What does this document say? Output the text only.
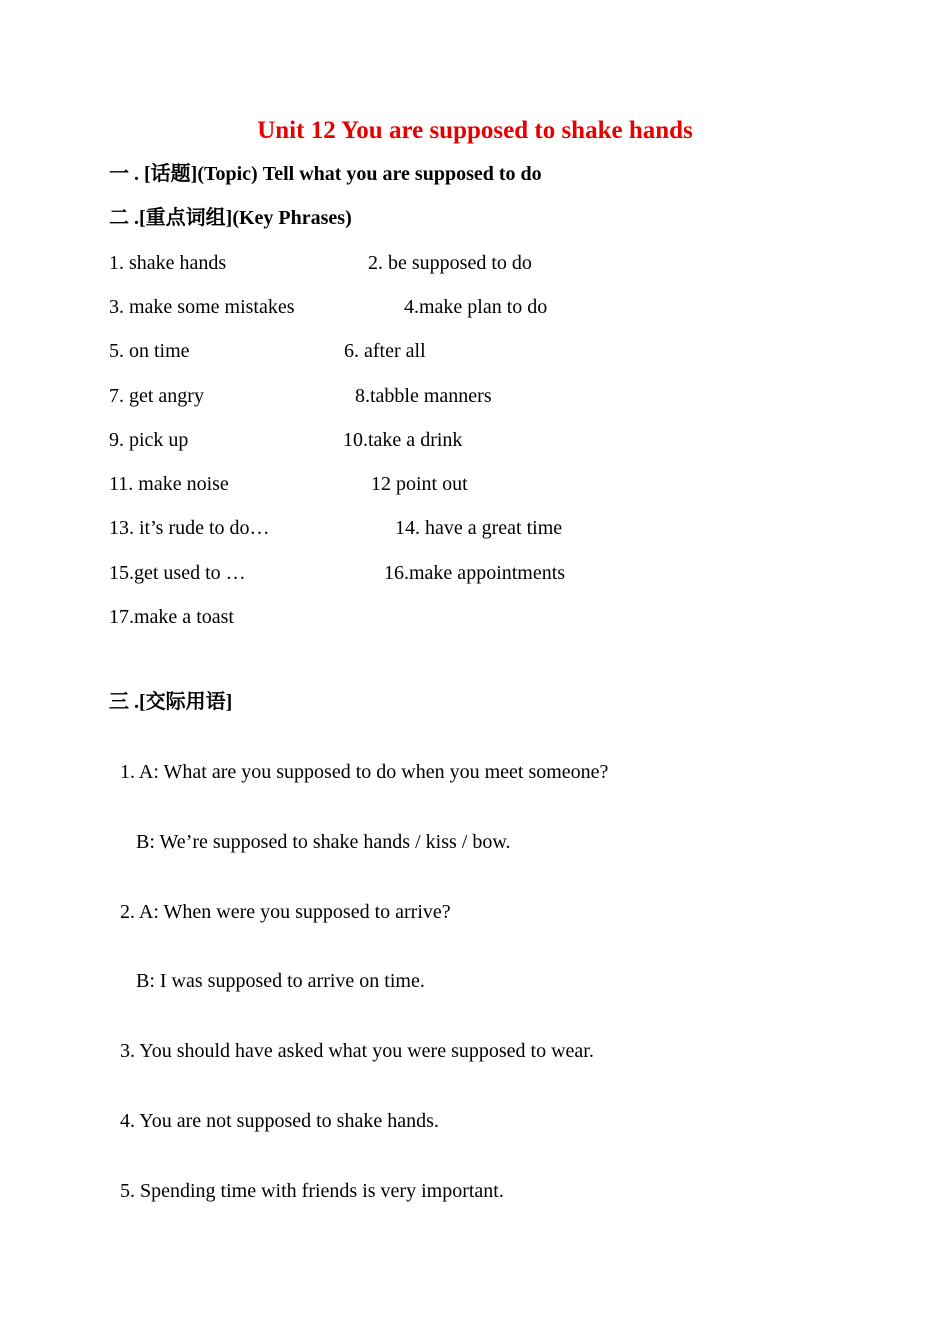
Unit 12 You are supposed to shake hands
一 . [话题](Topic) Tell what you are supposed to do
二 .[重点词组](Key Phrases)
1. shake hands
3. make some mistakes
5. on time
7. get angry
9. pick up
11. make noise
13. it’s rude to do…
15.get used to …
17.make a toast
2. be supposed to do
4.make plan to do
6. after all
8.tabble manners
10.take a drink
12 point out
14. have a great time
16.make appointments
三 .[交际用语]
1. A: What are you supposed to do when you meet someone?
B: We’re supposed to shake hands / kiss / bow.
2. A: When were you supposed to arrive?
B: I was supposed to arrive on time.
3. You should have asked what you were supposed to wear.
4. You are not supposed to shake hands.
5. Spending time with friends is very important.
